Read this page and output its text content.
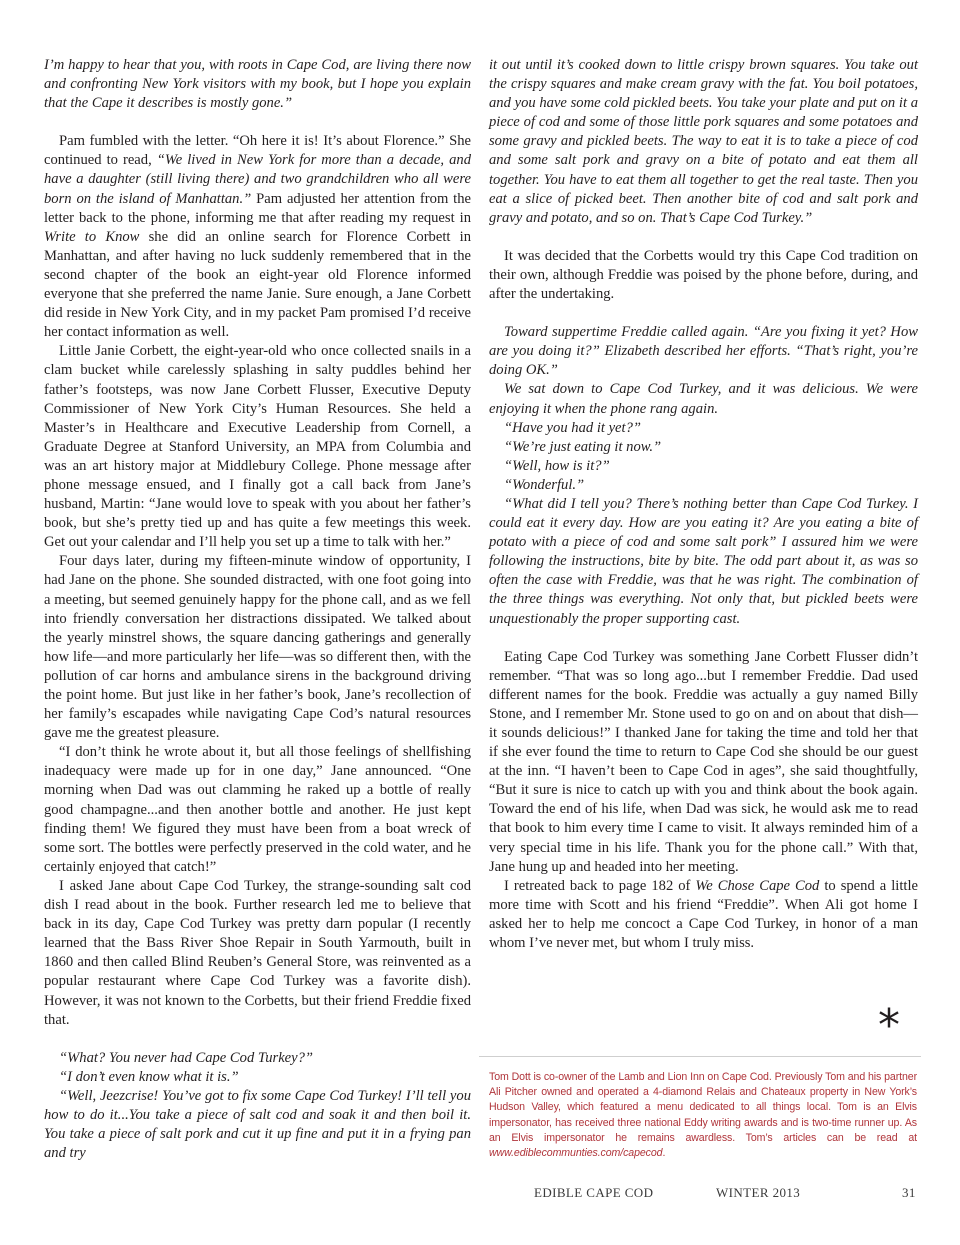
I’m happy to hear that you, with roots in Cape Cod, are living there now and confronting New York visitors with my book, but I hope you explain that the Cape it describes is mostly gone.”

Pam fumbled with the letter. “Oh here it is! It’s about Florence.” She continued to read, “We lived in New York for more than a decade, and have a daughter (still living there) and two grandchildren who all were born on the island of Manhattan.” Pam adjusted her attention from the letter back to the phone, informing me that after reading my request in Write to Know she did an online search for Florence Corbett in Manhattan, and after having no luck suddenly remembered that in the second chapter of the book an eight-year old Florence informed everyone that she preferred the name Janie. Sure enough, a Jane Corbett did reside in New York City, and in my packet Pam promised I’d receive her contact information as well.

Little Janie Corbett, the eight-year-old who once collected snails in a clam bucket while carelessly splashing in salty puddles behind her father’s footsteps, was now Jane Corbett Flusser, Executive Deputy Commissioner of New York City’s Human Resources. She held a Master’s in Healthcare and Executive Leadership from Cornell, a Graduate Degree at Stanford University, an MPA from Columbia and was an art history major at Middlebury College. Phone message after phone message ensued, and I finally got a call back from Jane’s husband, Martin: “Jane would love to speak with you about her father’s book, but she’s pretty tied up and has quite a few meetings this week. Get out your calendar and I’ll help you set up a time to talk with her.”

Four days later, during my fifteen-minute window of opportunity, I had Jane on the phone. She sounded distracted, with one foot going into a meeting, but seemed genuinely happy for the phone call, and as we fell into friendly conversation her distractions dissipated. We talked about the yearly minstrel shows, the square dancing gatherings and generally how life—and more particularly her life—was so different then, with the pollution of car horns and ambulance sirens in the background driving the point home. But just like in her father’s book, Jane’s recollection of her family’s escapades while navigating Cape Cod’s natural resources gave me the greatest pleasure.

“I don’t think he wrote about it, but all those feelings of shellfishing inadequacy were made up for in one day,” Jane announced. “One morning when Dad was out clamming he raked up a bottle of really good champagne...and then another bottle and another. He just kept finding them! We figured they must have been from a boat wreck of some sort. The bottles were perfectly preserved in the cold water, and he certainly enjoyed that catch!”

I asked Jane about Cape Cod Turkey, the strange-sounding salt cod dish I read about in the book. Further research led me to believe that back in its day, Cape Cod Turkey was pretty darn popular (I recently learned that the Bass River Shoe Repair in South Yarmouth, built in 1860 and then called Blind Reuben’s General Store, was reinvented as a popular restaurant where Cape Cod Turkey was a favorite dish). However, it was not known to the Corbetts, but their friend Freddie fixed that.

“What? You never had Cape Cod Turkey?”

“I don’t even know what it is.”

“Well, Jeezcrise! You’ve got to fix some Cape Cod Turkey! I’ll tell you how to do it...You take a piece of salt cod and soak it and then boil it. You take a piece of salt pork and cut it up fine and put it in a frying pan and try

it out until it’s cooked down to little crispy brown squares. You take out the crispy squares and make cream gravy with the fat. You boil potatoes, and you have some cold pickled beets. You take your plate and put on it a piece of cod and some of those little pork squares and some potatoes and some gravy and pickled beets. The way to eat it is to take a piece of cod and some salt pork and gravy on a bite of potato and eat them all together. You have to eat them all together to get the real taste. Then you eat a slice of picked beet. Then another bite of cod and salt pork and gravy and potato, and so on. That’s Cape Cod Turkey.”

It was decided that the Corbetts would try this Cape Cod tradition on their own, although Freddie was poised by the phone before, during, and after the undertaking.

Toward suppertime Freddie called again. “Are you fixing it yet? How are you doing it?” Elizabeth described her efforts. “That’s right, you’re doing OK.”

We sat down to Cape Cod Turkey, and it was delicious. We were enjoying it when the phone rang again.

“Have you had it yet?”

“We’re just eating it now.”

“Well, how is it?”

“Wonderful.”

“What did I tell you? There’s nothing better than Cape Cod Turkey. I could eat it every day. How are you eating it? Are you eating a bite of potato with a piece of cod and some salt pork” I assured him we were following the instructions, bite by bite. The odd part about it, as was so often the case with Freddie, was that he was right. The combination of the three things was everything. Not only that, but pickled beets were unquestionably the proper supporting cast.

Eating Cape Cod Turkey was something Jane Corbett Flusser didn’t remember. “That was so long ago...but I remember Freddie. Dad used different names for the book. Freddie was actually a guy named Billy Stone, and I remember Mr. Stone used to go on and on about that dish—it sounds delicious!” I thanked Jane for taking the time and told her that if she ever found the time to return to Cape Cod she should be our guest at the inn. “I haven’t been to Cape Cod in ages”, she said thoughtfully, “But it sure is nice to catch up with you and think about the book again. Toward the end of his life, when Dad was sick, he would ask me to read that book to him every time I came to visit. It always reminded him of a very special time in his life. Thank you for the phone call.” With that, Jane hung up and headed into her meeting.

I retreated back to page 182 of We Chose Cape Cod to spend a little more time with Scott and his friend “Freddie”. When Ali got home I asked her to help me concoct a Cape Cod Turkey, in honor of a man whom I’ve never met, but whom I truly miss.

*
Tom Dott is co-owner of the Lamb and Lion Inn on Cape Cod. Previously Tom and his partner Ali Pitcher owned and operated a 4-diamond Relais and Chateaux property in New York’s Hudson Valley, which featured a menu dedicated to all things local. Tom is an Elvis impersonator, has received three national Eddy writing awards and is two-time runner up. As an Elvis impersonator he remains awardless. Tom’s articles can be read at www.ediblecommunties.com/capecod.
EDIBLE CAPE COD	WINTER 2013	31
